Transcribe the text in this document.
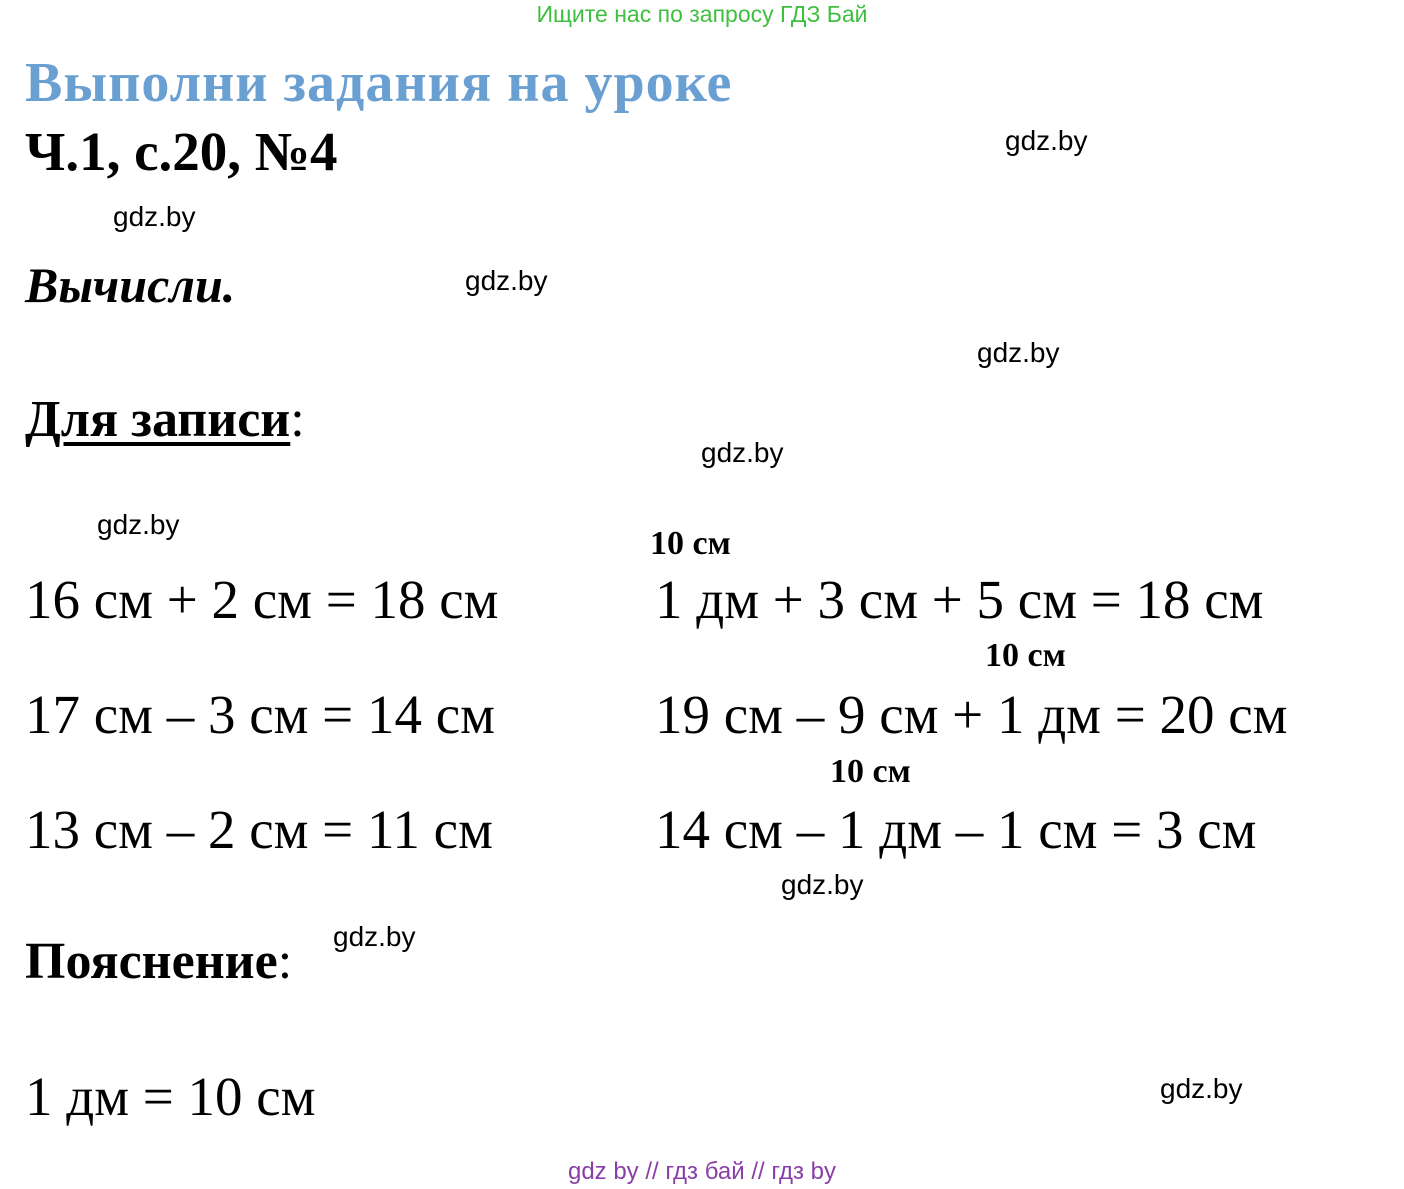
Ищите нас по запросу ГДЗ Бай
Выполни задания на уроке
Ч.1, с.20, №4
Вычисли.
Для записи:
10 см
10 см
10 см
16 см + 2 см = 18 см
17 см – 3 см = 14 см
13 см – 2 см = 11 см
1 дм + 3 см + 5 см = 18 см
19 см – 9 см + 1 дм = 20 см
14 см – 1 дм – 1 см = 3 см
Пояснение:
1 дм = 10 см
gdz.by
gdz.by
gdz.by
gdz.by
gdz.by
gdz.by
gdz.by
gdz.by
gdz.by
gdz by // гдз бай // гдз by
